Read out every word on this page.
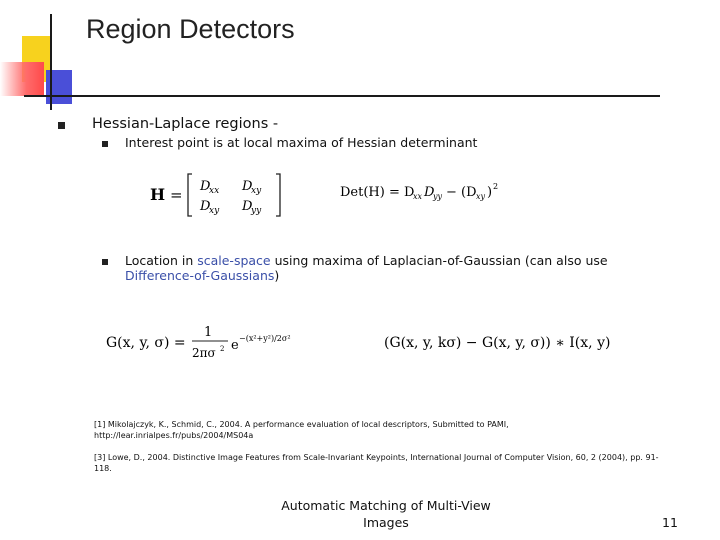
Region Detectors
Hessian-Laplace regions -
Interest point is at local maxima of Hessian determinant
H = D
xx D
xy
D
xy D
yy
Det(H) = D
xx D
yy − (D xy ) 2
Location in scale-space using maxima of Laplacian-of-Gaussian (can also use Difference-of-Gaussians)
G(x, y, σ) =
1
2πσ 2 e −(x²+y²)/2σ²	(G(x, y, kσ) − G(x, y, σ)) ∗ I(x, y)
[1] Mikolajczyk, K., Schmid, C., 2004. A performance evaluation of local descriptors, Submitted to PAMI,
http://lear.inrialpes.fr/pubs/2004/MS04a
[3] Lowe, D., 2004. Distinctive Image Features from Scale-Invariant Keypoints, International Journal of Computer Vision, 60, 2 (2004), pp. 91-
118.
Automatic Matching of Multi-View
Images	11
